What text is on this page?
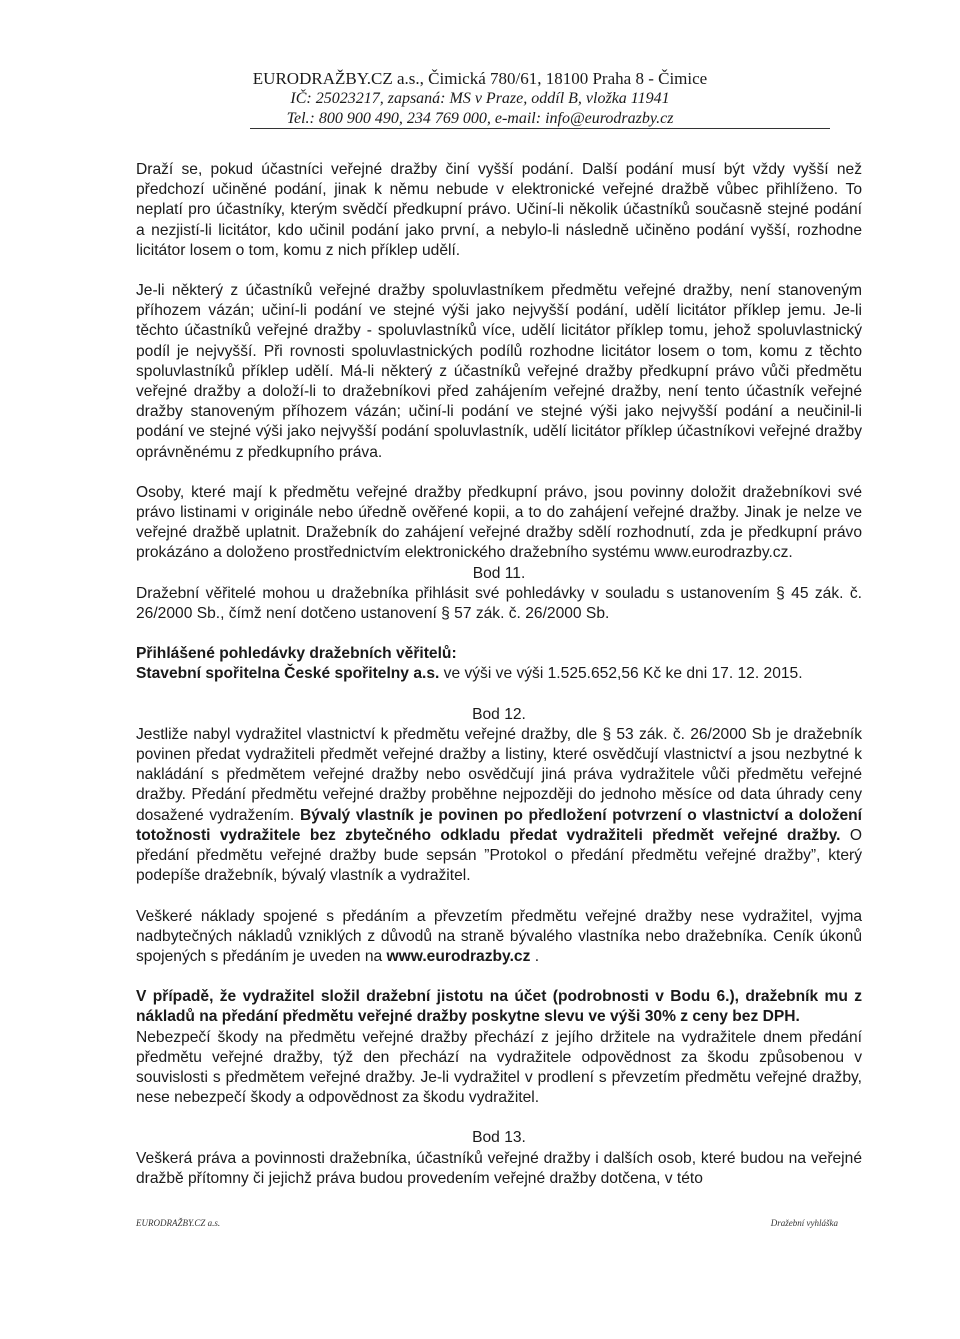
EURODRAŽBY.CZ a.s., Čimická 780/61, 18100 Praha 8 - Čimice
IČ: 25023217, zapsaná: MS v Praze, oddíl B, vložka 11941
Tel.: 800 900 490, 234 769 000, e-mail: info@eurodrazby.cz

Draží se, pokud účastníci veřejné dražby činí vyšší podání. Další podání musí být vždy vyšší než předchozí učiněné podání, jinak k němu nebude v elektronické veřejné dražbě vůbec přihlíženo. To neplatí pro účastníky, kterým svědčí předkupní právo. Učiní-li několik účastníků současně stejné podání a nezjistí-li licitátor, kdo učinil podání jako první, a nebylo-li následně učiněno podání vyšší, rozhodne licitátor losem o tom, komu z nich příklep udělí.

Je-li některý z účastníků veřejné dražby spoluvlastníkem předmětu veřejné dražby, není stanoveným příhozem vázán; učiní-li podání ve stejné výši jako nejvyšší podání, udělí licitátor příklep jemu. Je-li těchto účastníků veřejné dražby - spoluvlastníků více, udělí licitátor příklep tomu, jehož spoluvlastnický podíl je nejvyšší. Při rovnosti spoluvlastnických podílů rozhodne licitátor losem o tom, komu z těchto spoluvlastníků příklep udělí. Má-li některý z účastníků veřejné dražby předkupní právo vůči předmětu veřejné dražby a doloží-li to dražebníkovi před zahájením veřejné dražby, není tento účastník veřejné dražby stanoveným příhozem vázán; učiní-li podání ve stejné výši jako nejvyšší podání a neučinil-li podání ve stejné výši jako nejvyšší podání spoluvlastník, udělí licitátor příklep účastníkovi veřejné dražby oprávněnému z předkupního práva.

Osoby, které mají k předmětu veřejné dražby předkupní právo, jsou povinny doložit dražebníkovi své právo listinami v originále nebo úředně ověřené kopii, a to do zahájení veřejné dražby. Jinak je nelze ve veřejné dražbě uplatnit. Dražebník do zahájení veřejné dražby sdělí rozhodnutí, zda je předkupní právo prokázáno a doloženo prostřednictvím elektronického dražebního systému www.eurodrazby.cz.

Bod 11.

Dražební věřitelé mohou u dražebníka přihlásit své pohledávky v souladu s ustanovením § 45 zák. č. 26/2000 Sb., čímž není dotčeno ustanovení § 57 zák. č. 26/2000 Sb.

Přihlášené pohledávky dražebních věřitelů:
Stavební spořitelna České spořitelny a.s. ve výši ve výši 1.525.652,56 Kč ke dni 17. 12. 2015.

Bod 12.

Jestliže nabyl vydražitel vlastnictví k předmětu veřejné dražby, dle § 53 zák. č. 26/2000 Sb je dražebník povinen předat vydražiteli předmět veřejné dražby a listiny, které osvědčují vlastnictví a jsou nezbytné k nakládání s předmětem veřejné dražby nebo osvědčují jiná práva vydražitele vůči předmětu veřejné dražby. Předání předmětu veřejné dražby proběhne nejpozději do jednoho měsíce od data úhrady ceny dosažené vydražením. Bývalý vlastník je povinen po předložení potvrzení o vlastnictví a doložení totožnosti vydražitele bez zbytečného odkladu předat vydražiteli předmět veřejné dražby. O předání předmětu veřejné dražby bude sepsán ”Protokol o předání předmětu veřejné dražby”, který podepíše dražebník, bývalý vlastník a vydražitel.

Veškeré náklady spojené s předáním a převzetím předmětu veřejné dražby nese vydražitel, vyjma nadbytečných nákladů vzniklých z důvodů na straně bývalého vlastníka nebo dražebníka. Ceník úkonů spojených s předáním je uveden na www.eurodrazby.cz .

V případě, že vydražitel složil dražební jistotu na účet (podrobnosti v Bodu 6.), dražebník mu z nákladů na předání předmětu veřejné dražby poskytne slevu ve výši 30% z ceny bez DPH.

Nebezpečí škody na předmětu veřejné dražby přechází z jejího držitele na vydražitele dnem předání předmětu veřejné dražby, týž den přechází na vydražitele odpovědnost za škodu způsobenou v souvislosti s předmětem veřejné dražby. Je-li vydražitel v prodlení s převzetím předmětu veřejné dražby, nese nebezpečí škody a odpovědnost za škodu vydražitel.

Bod 13.

Veškerá práva a povinnosti dražebníka, účastníků veřejné dražby i dalších osob, které budou na veřejné dražbě přítomny či jejichž práva budou provedením veřejné dražby dotčena, v této

EURODRAŽBY.CZ a.s.	Dražební vyhláška
